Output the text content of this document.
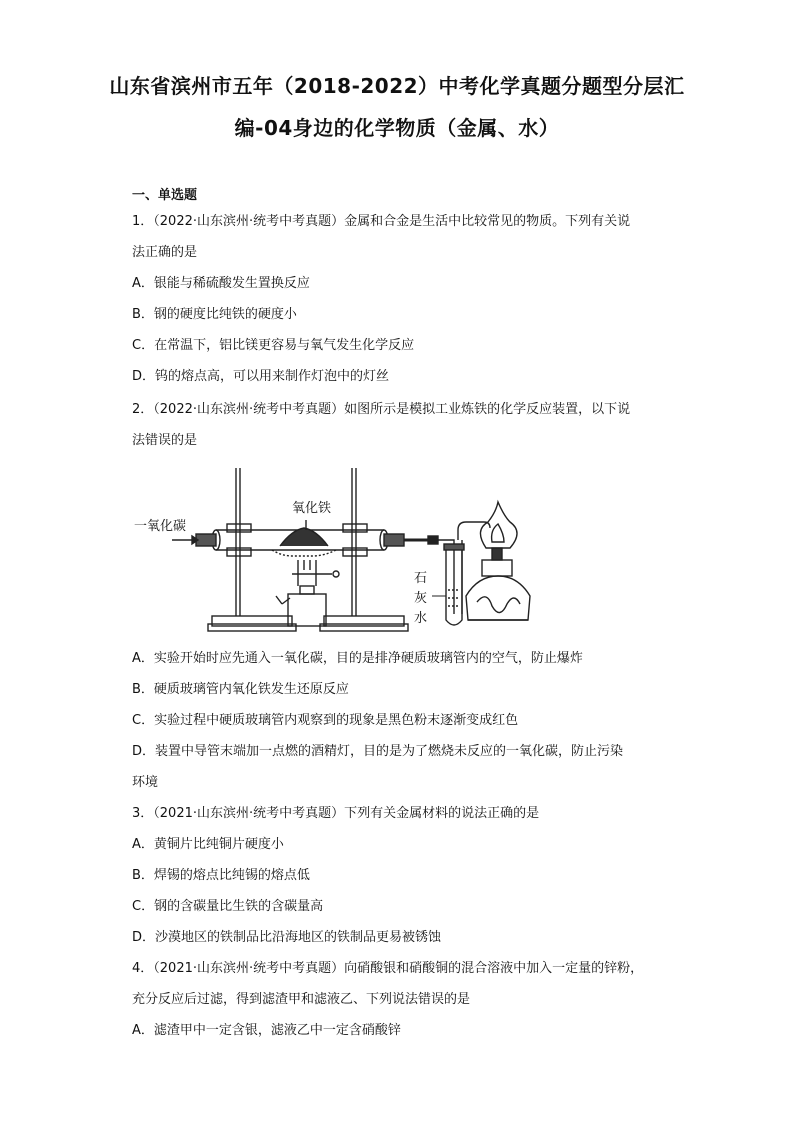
山东省滨州市五年（2018-2022）中考化学真题分题型分层汇
编-04身边的化学物质（金属、水）
一、单选题
1．（2022·山东滨州·统考中考真题）金属和合金是生活中比较常见的物质。下列有关说
法正确的是
A．银能与稀硫酸发生置换反应
B．钢的硬度比纯铁的硬度小
C．在常温下，铝比镁更容易与氧气发生化学反应
D．钨的熔点高，可以用来制作灯泡中的灯丝
2．（2022·山东滨州·统考中考真题）如图所示是模拟工业炼铁的化学反应装置，以下说
法错误的是
一氧化碳
氧化铁
石
灰
水
A．实验开始时应先通入一氧化碳，目的是排净硬质玻璃管内的空气，防止爆炸
B．硬质玻璃管内氧化铁发生还原反应
C．实验过程中硬质玻璃管内观察到的现象是黑色粉末逐渐变成红色
D．装置中导管末端加一点燃的酒精灯，目的是为了燃烧未反应的一氧化碳，防止污染
环境
3．（2021·山东滨州·统考中考真题）下列有关金属材料的说法正确的是
A．黄铜片比纯铜片硬度小
B．焊锡的熔点比纯锡的熔点低
C．钢的含碳量比生铁的含碳量高
D．沙漠地区的铁制品比沿海地区的铁制品更易被锈蚀
4．（2021·山东滨州·统考中考真题）向硝酸银和硝酸铜的混合溶液中加入一定量的锌粉，
充分反应后过滤，得到滤渣甲和滤液乙、下列说法错误的是
A．滤渣甲中一定含银，滤液乙中一定含硝酸锌
